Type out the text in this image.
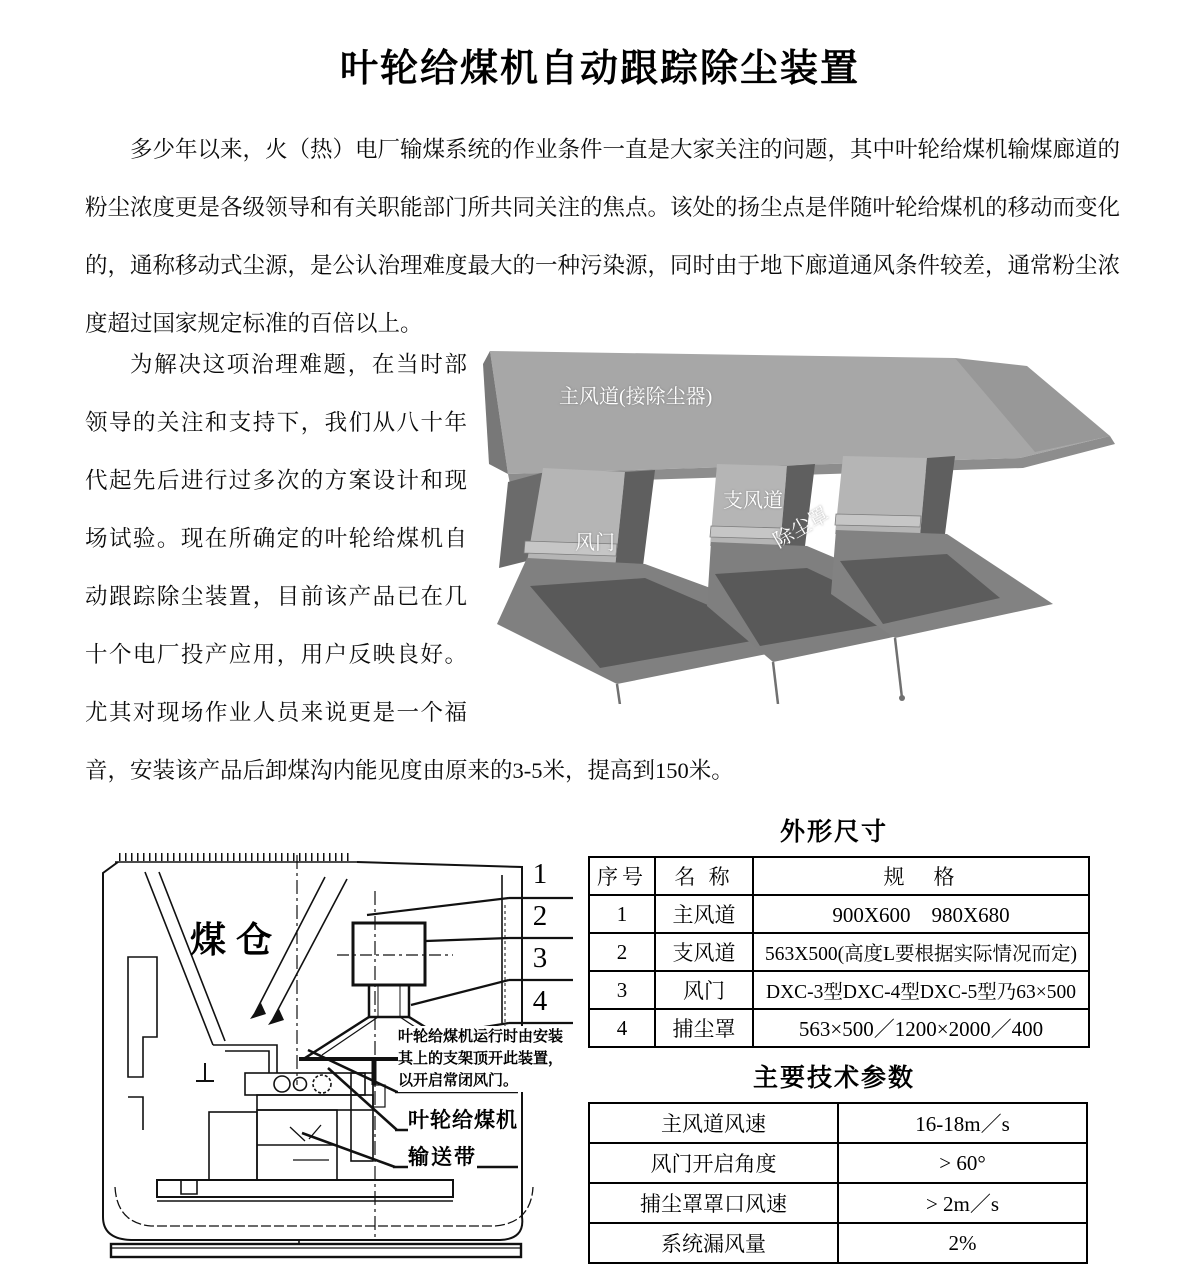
叶轮给煤机自动跟踪除尘装置

多少年以来，火（热）电厂输煤系统的作业条件一直是大家关注的问题，其中叶轮给煤机输煤廊道的粉尘浓度更是各级领导和有关职能部门所共同关注的焦点。该处的扬尘点是伴随叶轮给煤机的移动而变化的，通称移动式尘源，是公认治理难度最大的一种污染源，同时由于地下廊道通风条件较差，通常粉尘浓度超过国家规定标准的百倍以上。

主风道(接除尘器)
支风道
风门	除尘罩

为解决这项治理难题，在当时部领导的关注和支持下，我们从八十年代起先后进行过多次的方案设计和现场试验。现在所确定的叶轮给煤机自动跟踪除尘装置，目前该产品已在几十个电厂投产应用，用户反映良好。尤其对现场作业人员来说更是一个福音，安装该产品后卸煤沟内能见度由原来的3-5米，提高到150米。

煤仓
1
2
3
4
叶轮给煤机运行时由安装其上的支架顶开此装置，以开启常闭风门。
叶轮给煤机
输送带

外形尺寸

序号	名 称	规　格
1	主风道	900X600　980X680
2	支风道	563X500(高度L要根据实际情况而定)
3	风门	DXC-3型DXC-4型DXC-5型乃63×500
4	捕尘罩	563×500／1200×2000／400

主要技术参数

主风道风速	16-18m／s
风门开启角度	> 60°
捕尘罩罩口风速	> 2m／s
系统漏风量	2%
